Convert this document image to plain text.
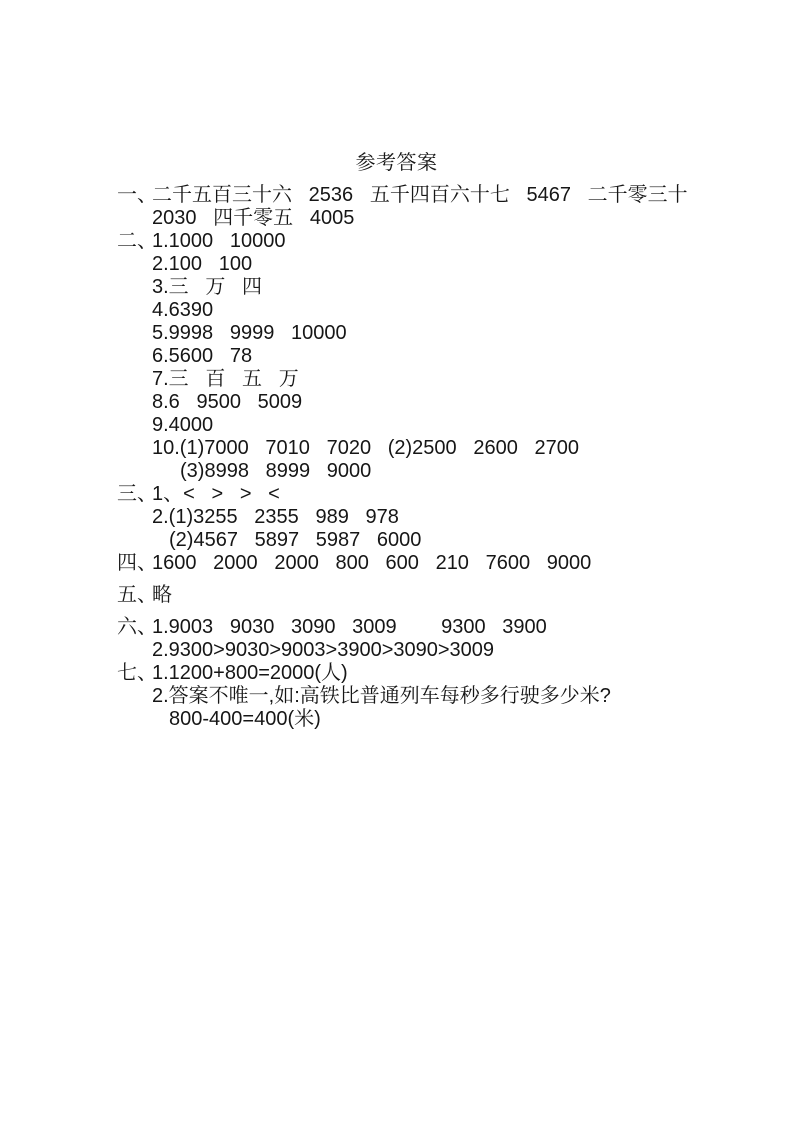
参考答案
一、
二千五百三十六   2536   五千四百六十七   5467   二千零三十
2030   四千零五   4005
二、
1.1000   10000
2.100   100
3.三   万   四
4.6390
5.9998   9999   10000
6.5600   78
7.三   百   五   万
8.6   9500   5009
9.4000
10.(1)7000   7010   7020   (2)2500   2600   2700
(3)8998   8999   9000
三、
1、<   >   >   <
2.(1)3255   2355   989   978
(2)4567   5897   5987   6000
四、
1600   2000   2000   800   600   210   7600   9000
五、
略
六、
1.9003   9030   3090   3009        9300   3900
2.9300>9030>9003>3900>3090>3009
七、
1.1200+800=2000(人)
2.答案不唯一,如:高铁比普通列车每秒多行驶多少米?
800-400=400(米)
